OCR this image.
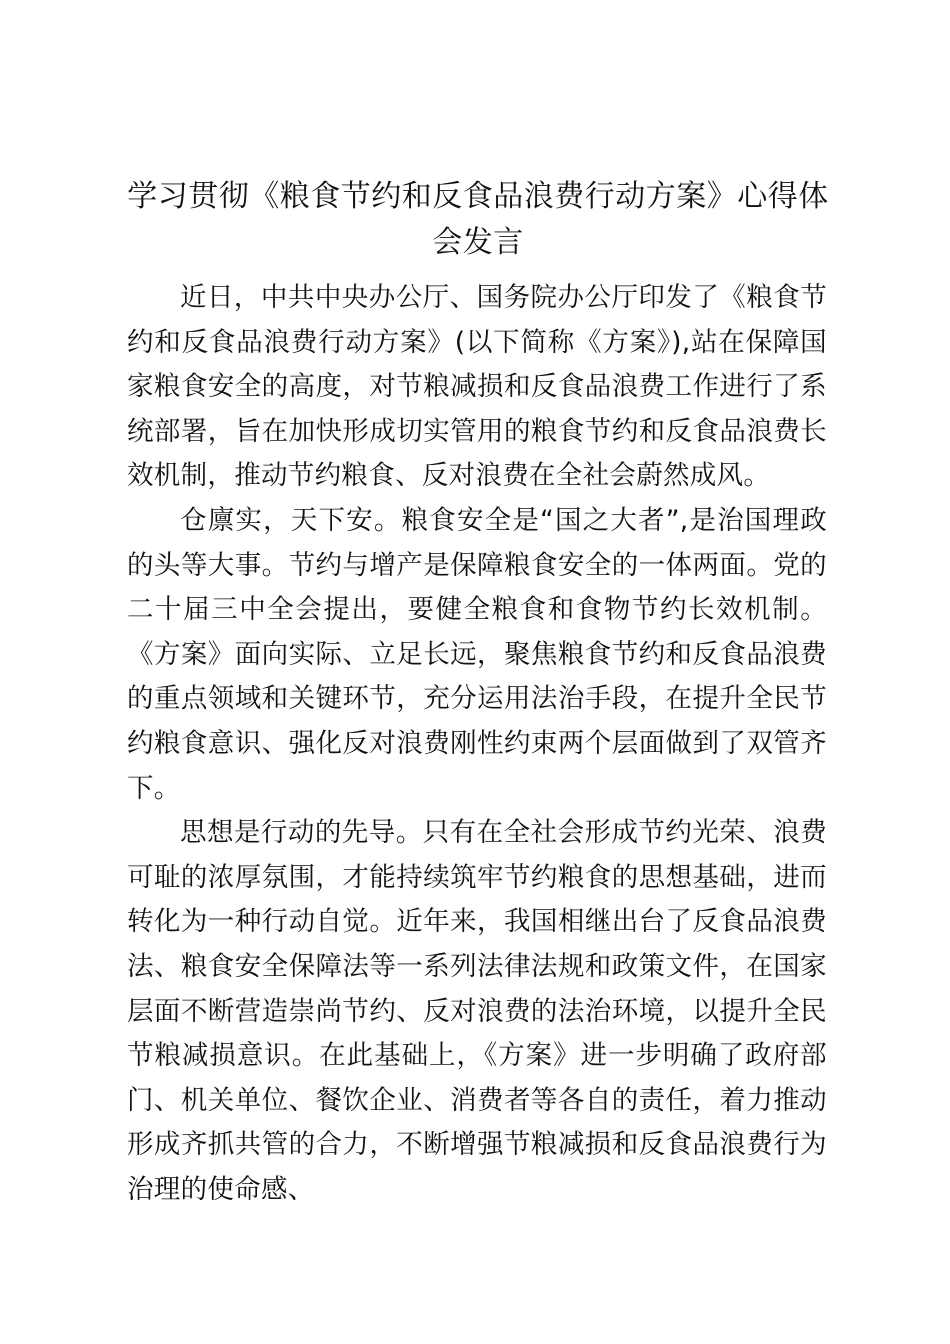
学习贯彻《粮食节约和反食品浪费行动方案》心得体会发言

近日，中共中央办公厅、国务院办公厅印发了《粮食节约和反食品浪费行动方案》(以下简称《方案》),站在保障国家粮食安全的高度，对节粮减损和反食品浪费工作进行了系统部署，旨在加快形成切实管用的粮食节约和反食品浪费长效机制，推动节约粮食、反对浪费在全社会蔚然成风。

仓廪实，天下安。粮食安全是“国之大者”,是治国理政的头等大事。节约与增产是保障粮食安全的一体两面。党的二十届三中全会提出，要健全粮食和食物节约长效机制。《方案》面向实际、立足长远，聚焦粮食节约和反食品浪费的重点领域和关键环节，充分运用法治手段，在提升全民节约粮食意识、强化反对浪费刚性约束两个层面做到了双管齐下。

思想是行动的先导。只有在全社会形成节约光荣、浪费可耻的浓厚氛围，才能持续筑牢节约粮食的思想基础，进而转化为一种行动自觉。近年来，我国相继出台了反食品浪费法、粮食安全保障法等一系列法律法规和政策文件，在国家层面不断营造崇尚节约、反对浪费的法治环境，以提升全民节粮减损意识。在此基础上，《方案》进一步明确了政府部门、机关单位、餐饮企业、消费者等各自的责任，着力推动形成齐抓共管的合力，不断增强节粮减损和反食品浪费行为治理的使命感、
